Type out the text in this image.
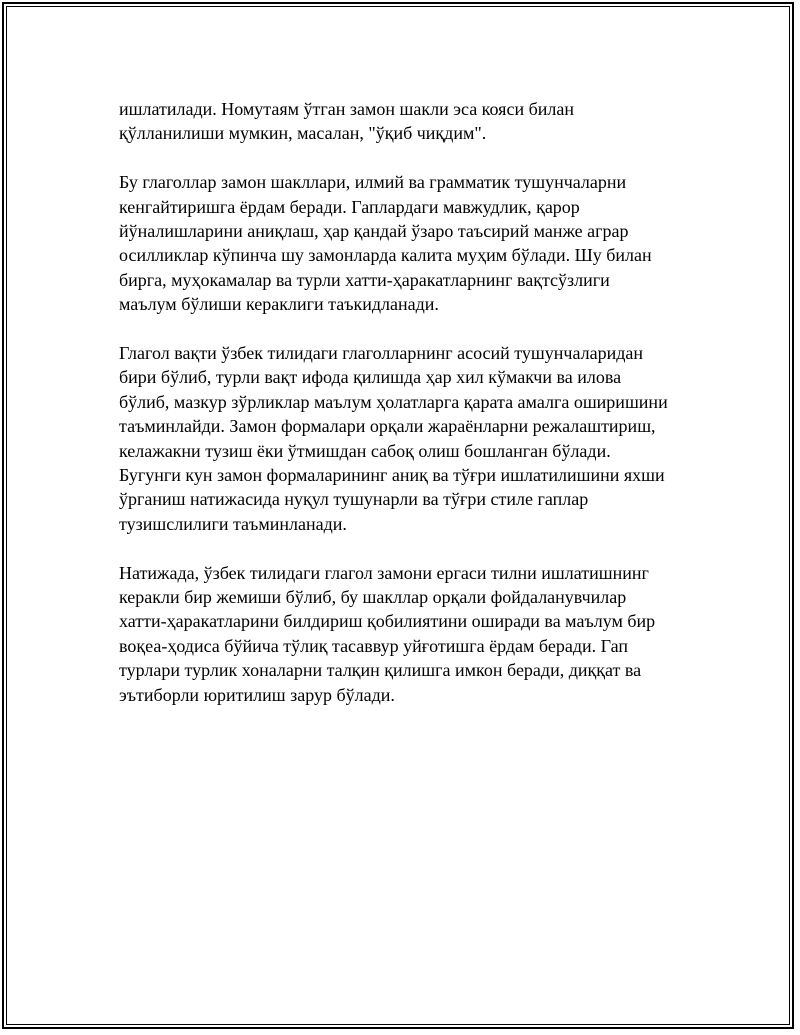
ишлатилади. Номутаям ўтган замон шакли эса кояси билан
қўлланилиши мумкин, масалан, "ўқиб чиқдим".

Бу глаголлар замон шакллари, илмий ва грамматик тушунчаларни
кенгайтиришга ёрдам беради. Гаплардаги мавжудлик, қарор
йўналишларини аниқлаш, ҳар қандай ўзаро таъсирий манже аграр
осилликлар кўпинча шу замонларда калита муҳим бўлади. Шу билан
бирга, муҳокамалар ва турли хатти-ҳаракатларнинг вақтсўзлиги
маълум бўлиши кераклиги таъкидланади.

Глагол вақти ўзбек тилидаги глаголларнинг асосий тушунчаларидан
бири бўлиб, турли вақт ифода қилишда ҳар хил кўмакчи ва илова
бўлиб, мазкур зўрликлар маълум ҳолатларга қарата амалга оширишини
таъминлайди. Замон формалари орқали жараёнларни режалаштириш,
келажакни тузиш ёки ўтмишдан сабоқ олиш бошланган бўлади.
Бугунги кун замон формаларининг аниқ ва тўғри ишлатилишини яхши
ўрганиш натижасида нуқул тушунарли ва тўғри стиле гаплар
тузишслилиги таъминланади.

Натижада, ўзбек тилидаги глагол замони ергаси тилни ишлатишнинг
керакли бир жемиши бўлиб, бу шакллар орқали фойдаланувчилар
хатти-ҳаракатларини билдириш қобилиятини оширади ва маълум бир
воқеа-ҳодиса бўйича тўлиқ тасаввур уйғотишга ёрдам беради. Гап
турлари турлик хоналарни талқин қилишга имкон беради, диққат ва
эътиборли юритилиш зарур бўлади.
